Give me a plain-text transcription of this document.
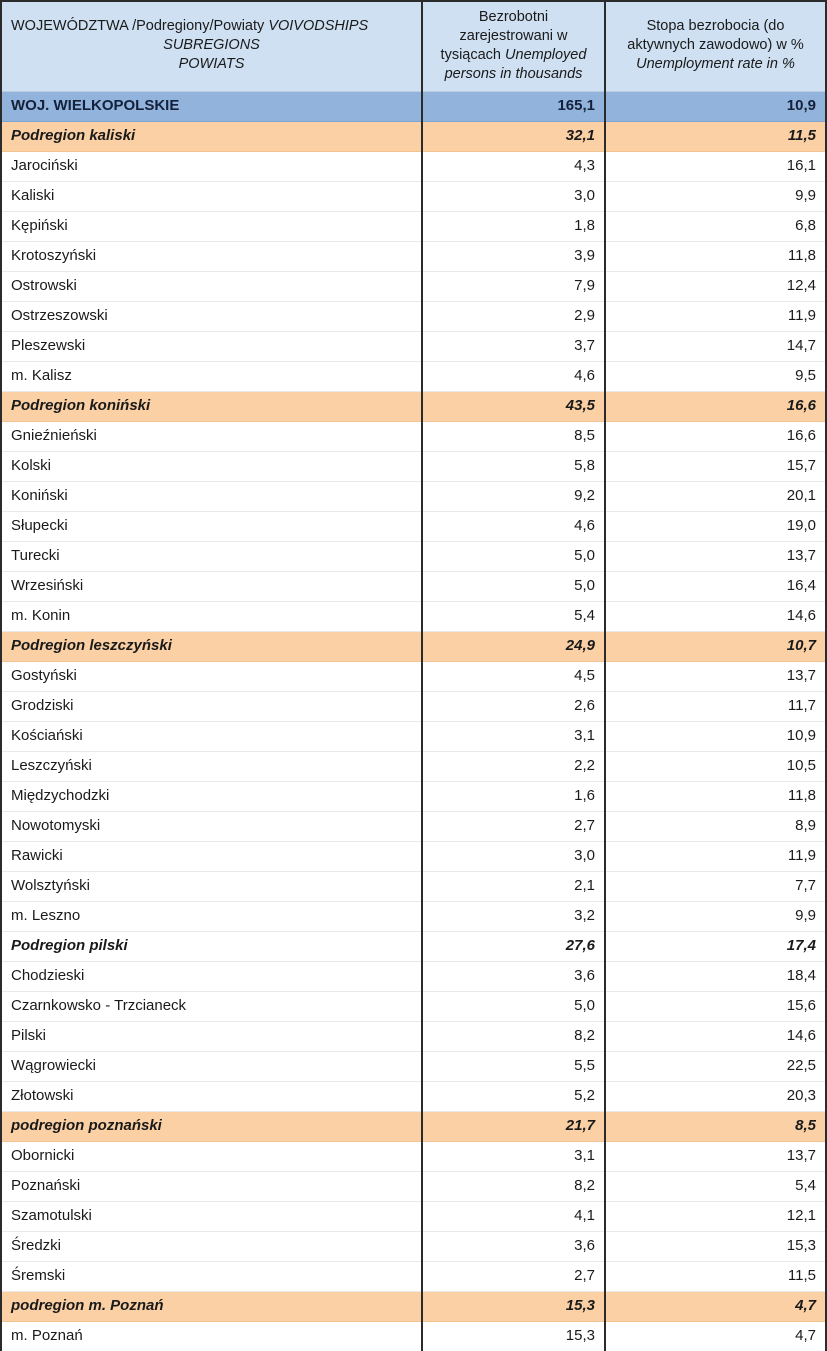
WOJEWÓDZTWA /Podregiony/Powiaty VOIVODSHIPS
SUBREGIONS
POWIATS	Bezrobotni zarejestrowani w tysiącach Unemployed persons in thousands	Stopa bezrobocia (do aktywnych zawodowo) w % Unemployment rate in %
WOJ. WIELKOPOLSKIE	165,1	10,9
Podregion kaliski	32,1	11,5
Jarociński	4,3	16,1
Kaliski	3,0	9,9
Kępiński	1,8	6,8
Krotoszyński	3,9	11,8
Ostrowski	7,9	12,4
Ostrzeszowski	2,9	11,9
Pleszewski	3,7	14,7
m. Kalisz	4,6	9,5
Podregion koniński	43,5	16,6
Gnieźnieński	8,5	16,6
Kolski	5,8	15,7
Koniński	9,2	20,1
Słupecki	4,6	19,0
Turecki	5,0	13,7
Wrzesiński	5,0	16,4
m. Konin	5,4	14,6
Podregion leszczyński	24,9	10,7
Gostyński	4,5	13,7
Grodziski	2,6	11,7
Kościański	3,1	10,9
Leszczyński	2,2	10,5
Międzychodzki	1,6	11,8
Nowotomyski	2,7	8,9
Rawicki	3,0	11,9
Wolsztyński	2,1	7,7
m. Leszno	3,2	9,9
Podregion pilski	27,6	17,4
Chodzieski	3,6	18,4
Czarnkowsko - Trzcianeck	5,0	15,6
Pilski	8,2	14,6
Wągrowiecki	5,5	22,5
Złotowski	5,2	20,3
podregion poznański	21,7	8,5
Obornicki	3,1	13,7
Poznański	8,2	5,4
Szamotulski	4,1	12,1
Średzki	3,6	15,3
Śremski	2,7	11,5
podregion m. Poznań	15,3	4,7
m. Poznań	15,3	4,7
